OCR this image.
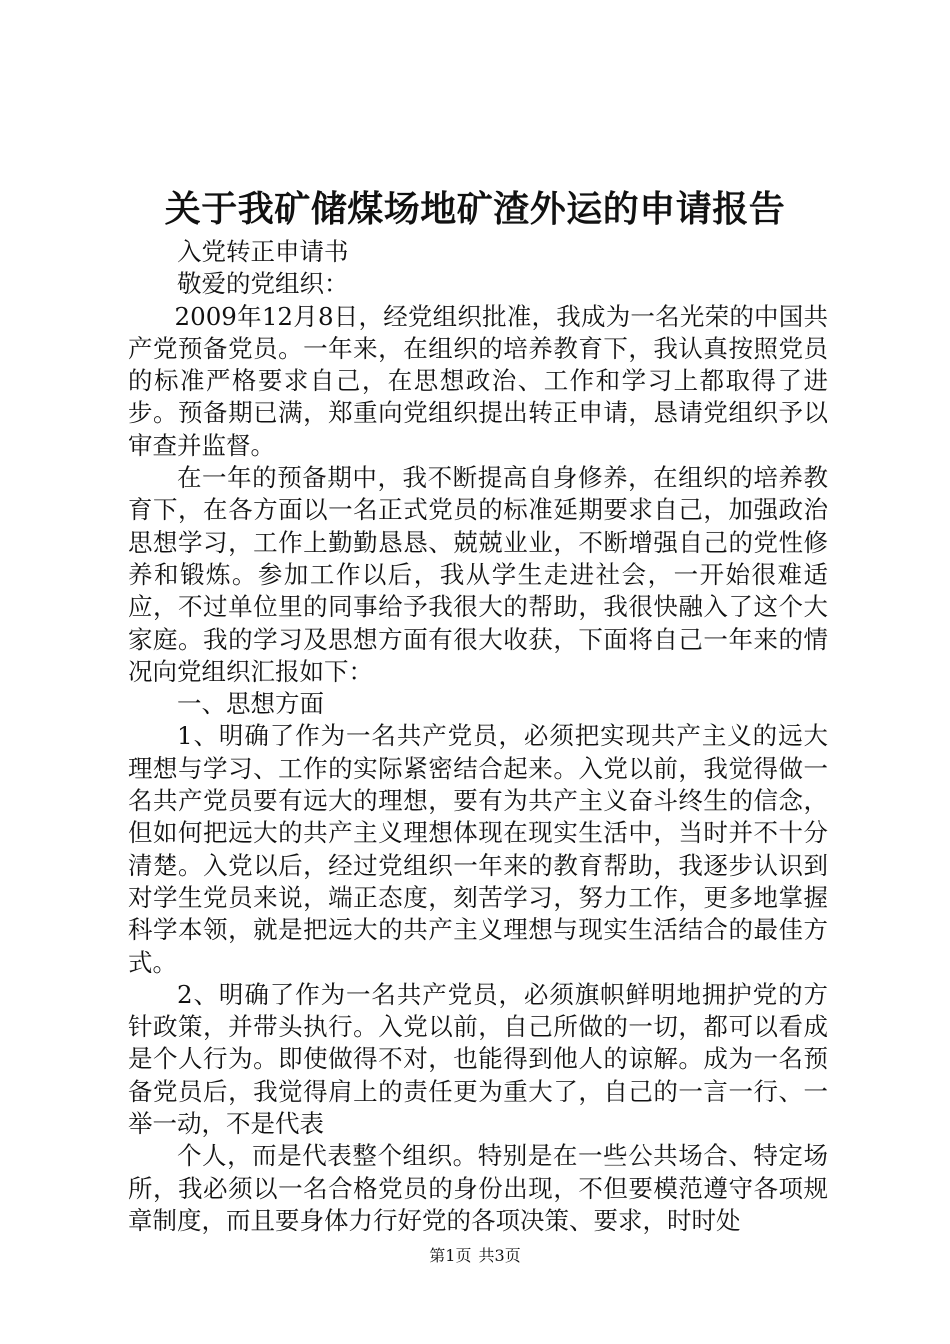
关于我矿储煤场地矿渣外运的申请报告

入党转正申请书

敬爱的党组织：

2009年12月8日，经党组织批准，我成为一名光荣的中国共产党预备党员。一年来，在组织的培养教育下，我认真按照党员的标准严格要求自己，在思想政治、工作和学习上都取得了进步。预备期已满，郑重向党组织提出转正申请，恳请党组织予以审查并监督。

在一年的预备期中，我不断提高自身修养，在组织的培养教育下，在各方面以一名正式党员的标准延期要求自己，加强政治思想学习，工作上勤勤恳恳、兢兢业业，不断增强自己的党性修养和锻炼。参加工作以后，我从学生走进社会，一开始很难适应，不过单位里的同事给予我很大的帮助，我很快融入了这个大家庭。我的学习及思想方面有很大收获，下面将自己一年来的情况向党组织汇报如下：

一、思想方面

1、明确了作为一名共产党员，必须把实现共产主义的远大理想与学习、工作的实际紧密结合起来。入党以前，我觉得做一名共产党员要有远大的理想，要有为共产主义奋斗终生的信念，但如何把远大的共产主义理想体现在现实生活中，当时并不十分清楚。入党以后，经过党组织一年来的教育帮助，我逐步认识到对学生党员来说，端正态度，刻苦学习，努力工作，更多地掌握科学本领，就是把远大的共产主义理想与现实生活结合的最佳方式。

2、明确了作为一名共产党员，必须旗帜鲜明地拥护党的方针政策，并带头执行。入党以前，自己所做的一切，都可以看成是个人行为。即使做得不对，也能得到他人的谅解。成为一名预备党员后，我觉得肩上的责任更为重大了，自己的一言一行、一举一动，不是代表

个人，而是代表整个组织。特别是在一些公共场合、特定场所，我必须以一名合格党员的身份出现，不但要模范遵守各项规章制度，而且要身体力行好党的各项决策、要求，时时处

第1页 共3页
